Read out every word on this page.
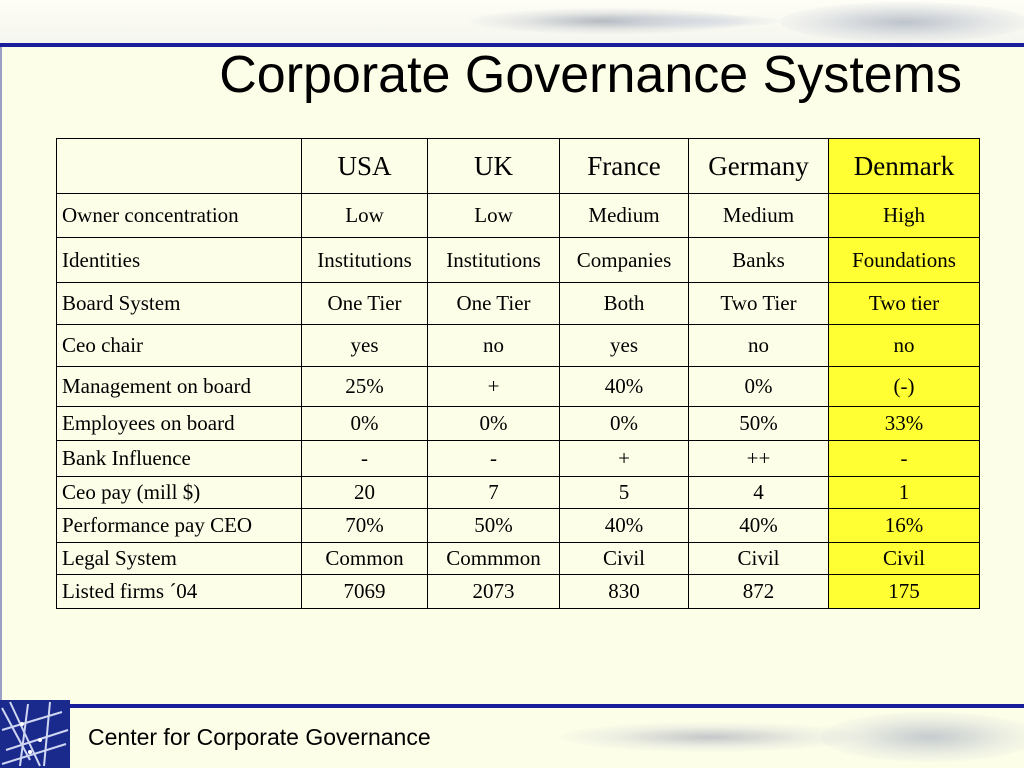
Corporate Governance Systems
	USA	UK	France	Germany	Denmark
Owner concentration	Low	Low	Medium	Medium	High
Identities	Institutions	Institutions	Companies	Banks	Foundations
Board System	One Tier	One Tier	Both	Two Tier	Two tier
Ceo chair	yes	no	yes	no	no
Management on board	25%	+	40%	0%	(-)
Employees on board	0%	0%	0%	50%	33%
Bank Influence	-	-	+	++	-
Ceo pay (mill $)	20	7	5	4	1
Performance pay CEO	70%	50%	40%	40%	16%
Legal System	Common	Commmon	Civil	Civil	Civil
Listed firms ´04	7069	2073	830	872	175
Center for Corporate Governance
